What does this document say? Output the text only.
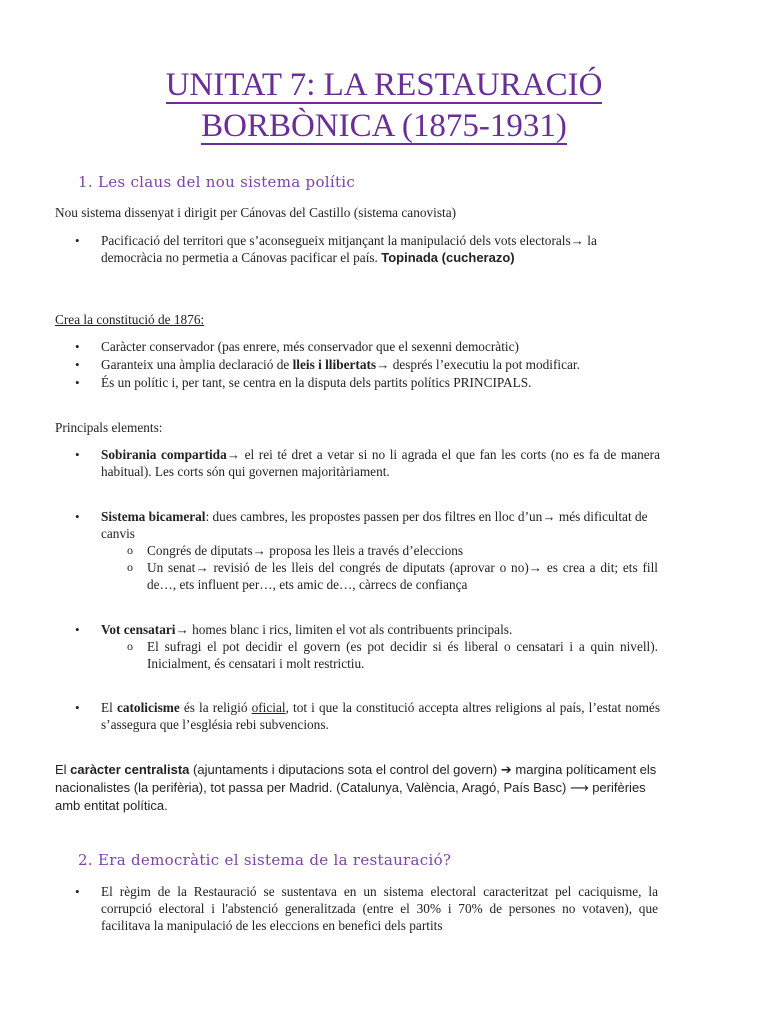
UNITAT 7: LA RESTAURACIÓ
BORBÒNICA (1875-1931)
1. Les claus del nou sistema polític

Nou sistema dissenyat i dirigit per Cánovas del Castillo (sistema canovista)

• Pacificació del territori que s’aconsegueix mitjançant la manipulació dels vots electorals→ la democràcia no permetia a Cánovas pacificar el país. Topinada (cucherazo)

Crea la constitució de 1876:

• Caràcter conservador (pas enrere, més conservador que el sexenni democràtic)

• Garanteix una àmplia declaració de lleis i llibertats→ després l’executiu la pot modificar.

• És un polític i, per tant, se centra en la disputa dels partits polítics PRINCIPALS.

Principals elements:

• Sobirania compartida→ el rei té dret a vetar si no li agrada el que fan les corts (no es fa de manera habitual). Les corts són qui governen majoritàriament.

• Sistema bicameral: dues cambres, les propostes passen per dos filtres en lloc d’un→ més dificultat de canvis

o Congrés de diputats→ proposa les lleis a través d’eleccions

o Un senat→ revisió de les lleis del congrés de diputats (aprovar o no)→ es crea a dit; ets fill de…, ets influent per…, ets amic de…, càrrecs de confiança

• Vot censatari→ homes blanc i rics, limiten el vot als contribuents principals.

o El sufragi el pot decidir el govern (es pot decidir si és liberal o censatari i a quin nivell). Inicialment, és censatari i molt restrictiu.

• El catolicisme és la religió oficial, tot i que la constitució accepta altres religions al país, l’estat només s’assegura que l’església rebi subvencions.

El caràcter centralista (ajuntaments i diputacions sota el control del govern) ➔ margina políticament els nacionalistes (la perifèria), tot passa per Madrid. (Catalunya, València, Aragó, País Basc) ⟶ perifèries amb entitat política.

2. Era democràtic el sistema de la restauració?
• El règim de la Restauració se sustentava en un sistema electoral caracteritzat pel caciquisme, la corrupció electoral i l'abstenció generalitzada (entre el 30% i 70% de persones no votaven), que facilitava la manipulació de les eleccions en benefici dels partits
